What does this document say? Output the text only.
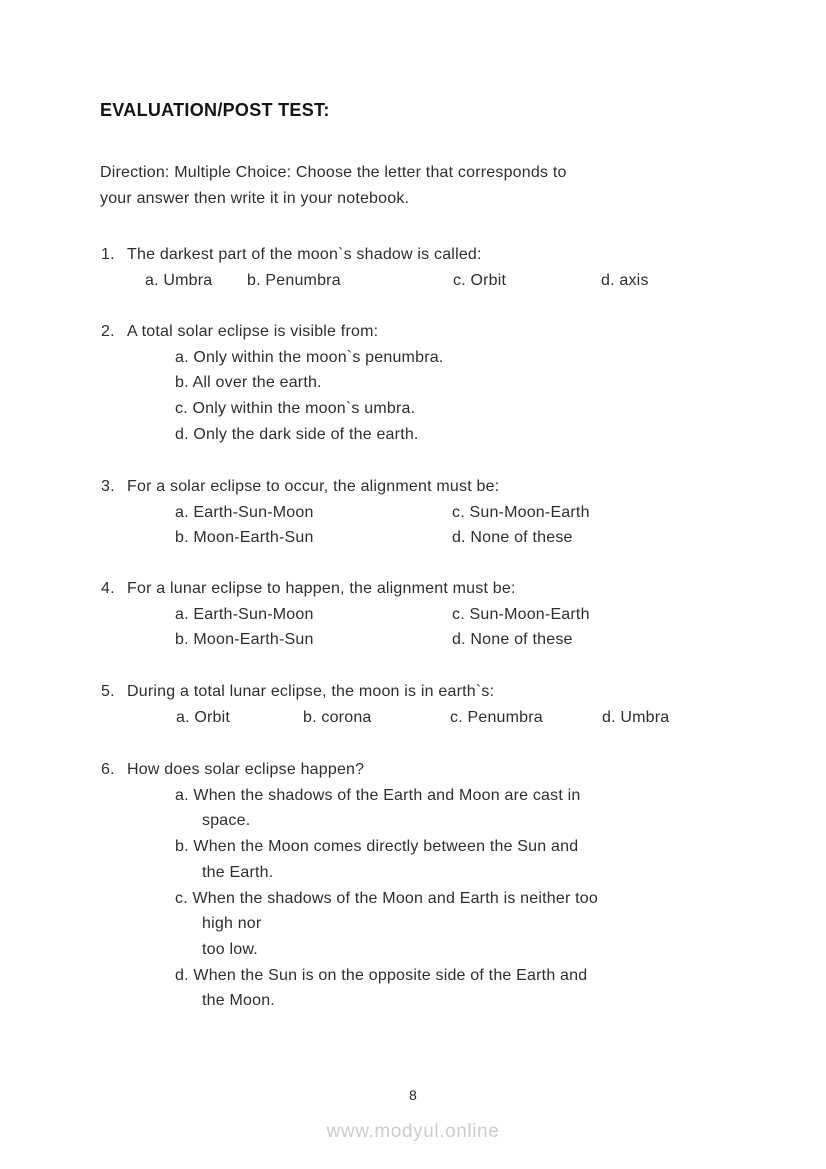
EVALUATION/POST TEST:
Direction: Multiple Choice: Choose the letter that corresponds to
your answer then write it in your notebook.
1. The darkest part of the moon`s shadow is called:
a. Umbra b. Penumbra	c. Orbit	d. axis
2. A total solar eclipse is visible from:
a. Only within the moon`s penumbra.
b. All over the earth.
c. Only within the moon`s umbra.
d. Only the dark side of the earth.
3. For a solar eclipse to occur, the alignment must be:
a. Earth-Sun-Moon	c. Sun-Moon-Earth
b. Moon-Earth-Sun	d. None of these
4. For a lunar eclipse to happen, the alignment must be:
a. Earth-Sun-Moon	c. Sun-Moon-Earth
b. Moon-Earth-Sun	d. None of these
5. During a total lunar eclipse, the moon is in earth`s:
a. Orbit	b. corona	c. Penumbra	d. Umbra
6. How does solar eclipse happen?
a. When the shadows of the Earth and Moon are cast in
space.
b. When the Moon comes directly between the Sun and
the Earth.
c. When the shadows of the Moon and Earth is neither too
high nor
too low.
d. When the Sun is on the opposite side of the Earth and
the Moon.
8
www.modyul.online
